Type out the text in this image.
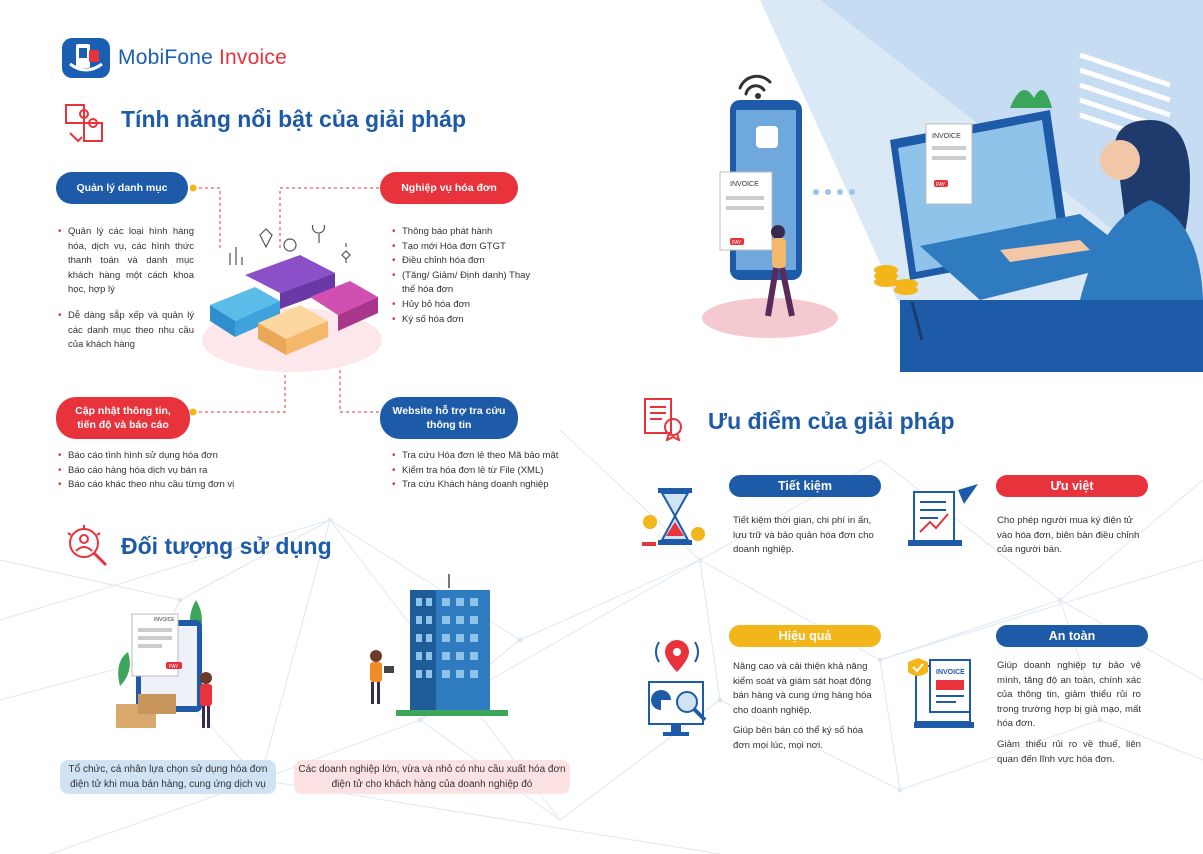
MobiFone Invoice
Tính năng nổi bật của giải pháp
Quản lý danh mục
• Quản lý các loại hình hàng hóa, dịch vụ, các hình thức thanh toán và danh mục khách hàng một cách khoa học, hợp lý
• Dễ dàng sắp xếp và quản lý các danh mục theo nhu cầu của khách hàng
Nghiệp vụ hóa đơn
• Thông báo phát hành
• Tạo mới Hóa đơn GTGT
• Điều chỉnh hóa đơn
• (Tăng/ Giảm/ Định danh) Thay thế hóa đơn
• Hủy bỏ hóa đơn
• Ký số hóa đơn
Cập nhật thông tin,
tiến độ và báo cáo
• Báo cáo tình hình sử dụng hóa đơn
• Báo cáo hàng hóa dịch vụ bán ra
• Báo cáo khác theo nhu cầu từng đơn vị
Website hỗ trợ tra cứu
thông tin
• Tra cứu Hóa đơn lẻ theo Mã bảo mật
• Kiểm tra hóa đơn lẻ từ File (XML)
• Tra cứu Khách hàng doanh nghiệp
Đối tượng sử dụng
INVOICE
PAY
Tổ chức, cá nhân lựa chọn sử dụng hóa đơn
điện tử khi mua bán hàng, cung ứng dịch vụ
Các doanh nghiệp lớn, vừa và nhỏ có nhu cầu xuất hóa đơn
điện tử cho khách hàng của doanh nghiệp đó
INVOICE
PAY
INVOICE
PAY
Ưu điểm của giải pháp
Tiết kiệm
Tiết kiệm thời gian, chi phí in ấn, lưu trữ và bảo quản hóa đơn cho doanh nghiệp.
Ưu việt
Cho phép người mua ký điện tử vào hóa đơn, biên bản điều chỉnh của người bán.
Hiệu quả

Nâng cao và cải thiện khả năng kiểm soát và giám sát hoạt động bán hàng và cung ứng hàng hóa cho doanh nghiệp.

Giúp bên bán có thể ký số hóa đơn mọi lúc, mọi nơi.

INVOICE
An toàn

Giúp doanh nghiệp tự bảo vệ mình, tăng độ an toàn, chính xác của thông tin, giảm thiểu rủi ro trong trường hợp bị giả mạo, mất hóa đơn.

Giảm thiểu rủi ro về thuế, liên quan đến lĩnh vực hóa đơn.
